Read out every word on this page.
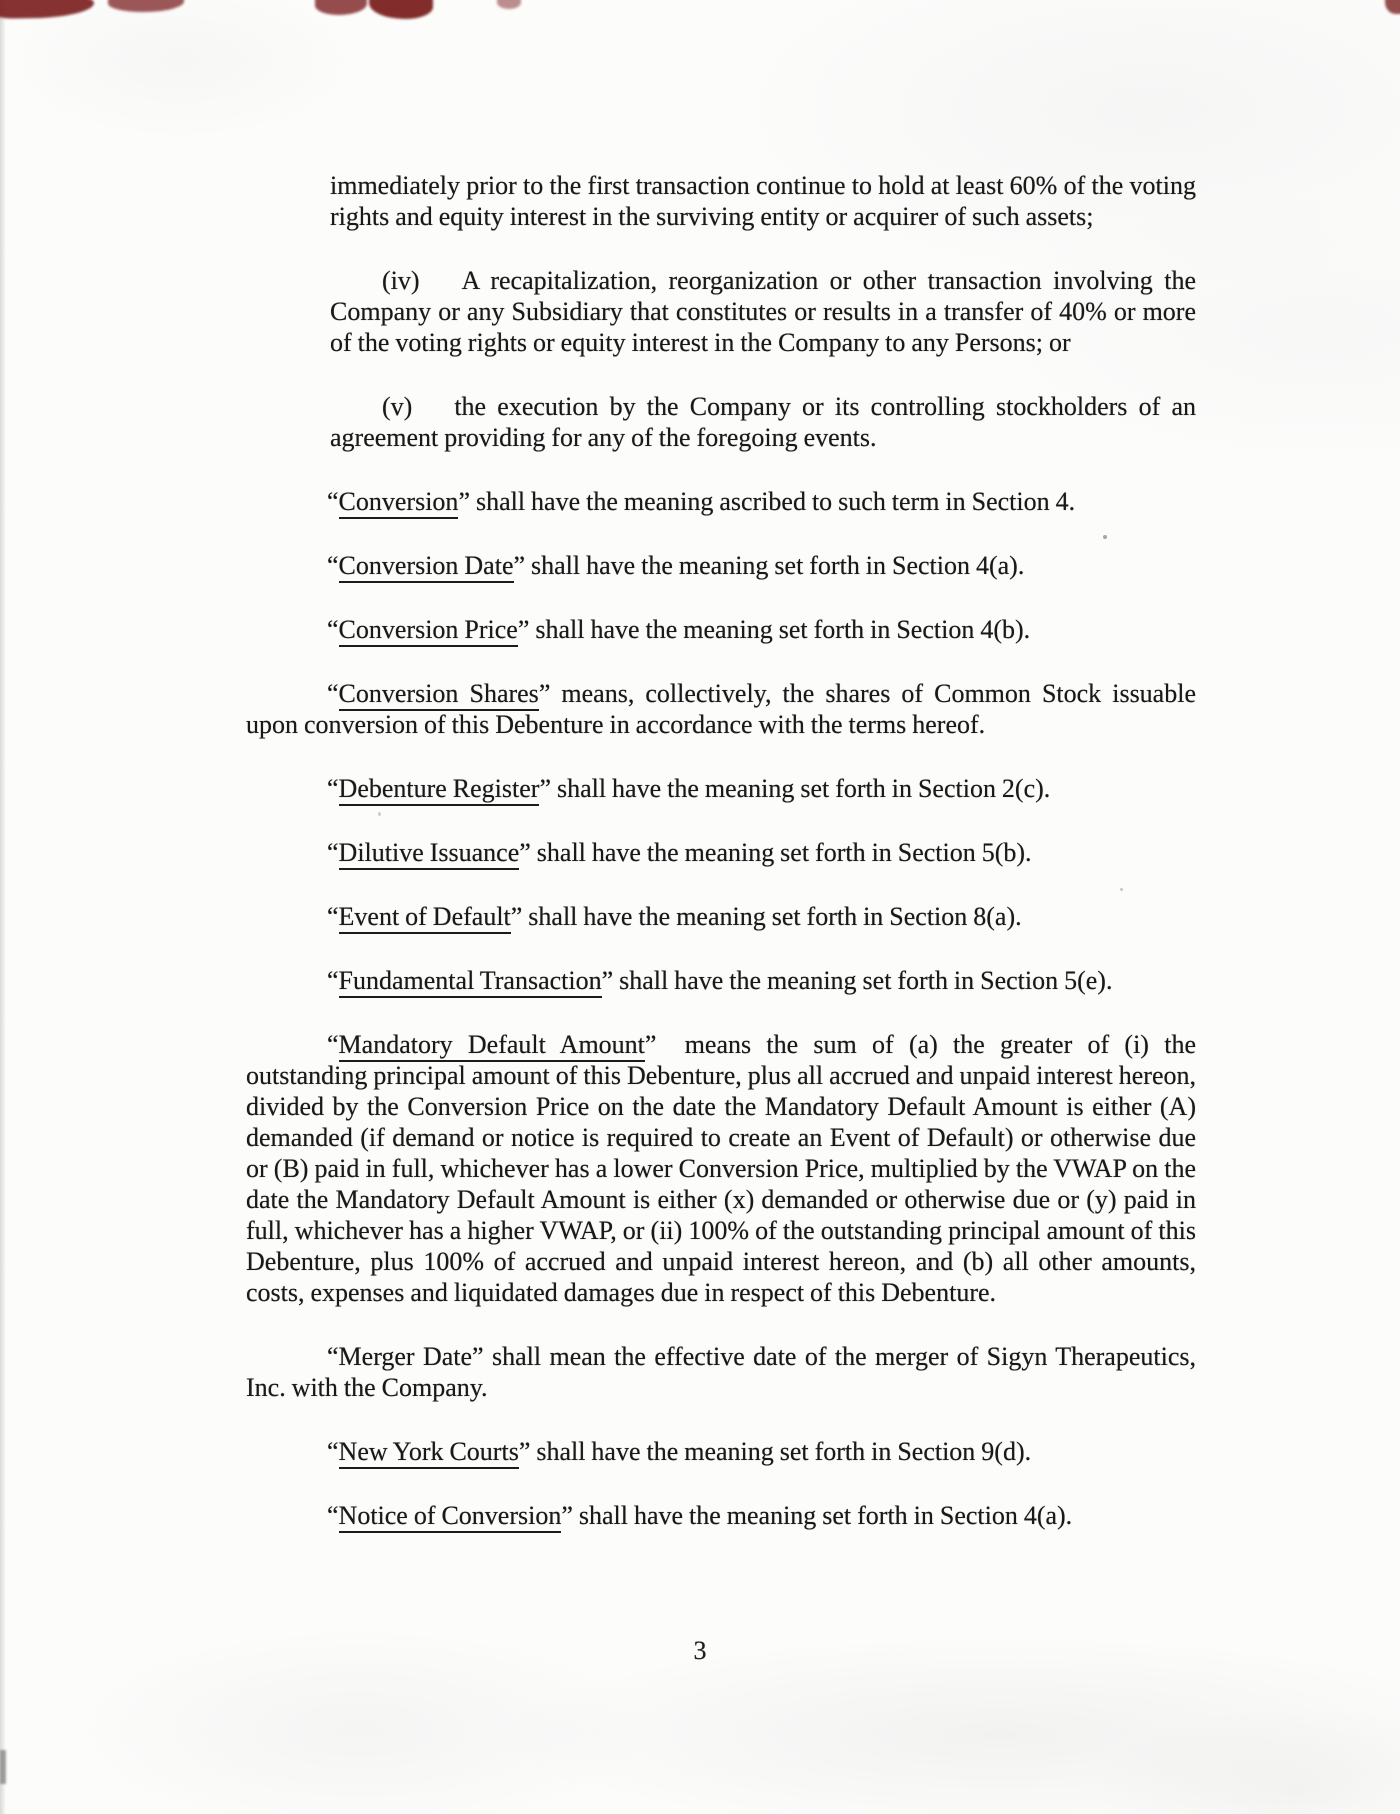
immediately prior to the first transaction continue to hold at least 60% of the voting rights and equity interest in the surviving entity or acquirer of such assets;

(iv) A recapitalization, reorganization or other transaction involving the Company or any Subsidiary that constitutes or results in a transfer of 40% or more of the voting rights or equity interest in the Company to any Persons; or

(v) the execution by the Company or its controlling stockholders of an agreement providing for any of the foregoing events.

“Conversion” shall have the meaning ascribed to such term in Section 4.

“Conversion Date” shall have the meaning set forth in Section 4(a).

“Conversion Price” shall have the meaning set forth in Section 4(b).

“Conversion Shares” means, collectively, the shares of Common Stock issuable upon conversion of this Debenture in accordance with the terms hereof.

“Debenture Register” shall have the meaning set forth in Section 2(c).

“Dilutive Issuance” shall have the meaning set forth in Section 5(b).

“Event of Default” shall have the meaning set forth in Section 8(a).

“Fundamental Transaction” shall have the meaning set forth in Section 5(e).

“Mandatory Default Amount”  means the sum of (a) the greater of (i) the outstanding principal amount of this Debenture, plus all accrued and unpaid interest hereon, divided by the Conversion Price on the date the Mandatory Default Amount is either (A) demanded (if demand or notice is required to create an Event of Default) or otherwise due or (B) paid in full, whichever has a lower Conversion Price, multiplied by the VWAP on the date the Mandatory Default Amount is either (x) demanded or otherwise due or (y) paid in full, whichever has a higher VWAP, or (ii) 100% of the outstanding principal amount of this Debenture, plus 100% of accrued and unpaid interest hereon, and (b) all other amounts, costs, expenses and liquidated damages due in respect of this Debenture.

“Merger Date” shall mean the effective date of the merger of Sigyn Therapeutics, Inc. with the Company.

“New York Courts” shall have the meaning set forth in Section 9(d).

“Notice of Conversion” shall have the meaning set forth in Section 4(a).

3
